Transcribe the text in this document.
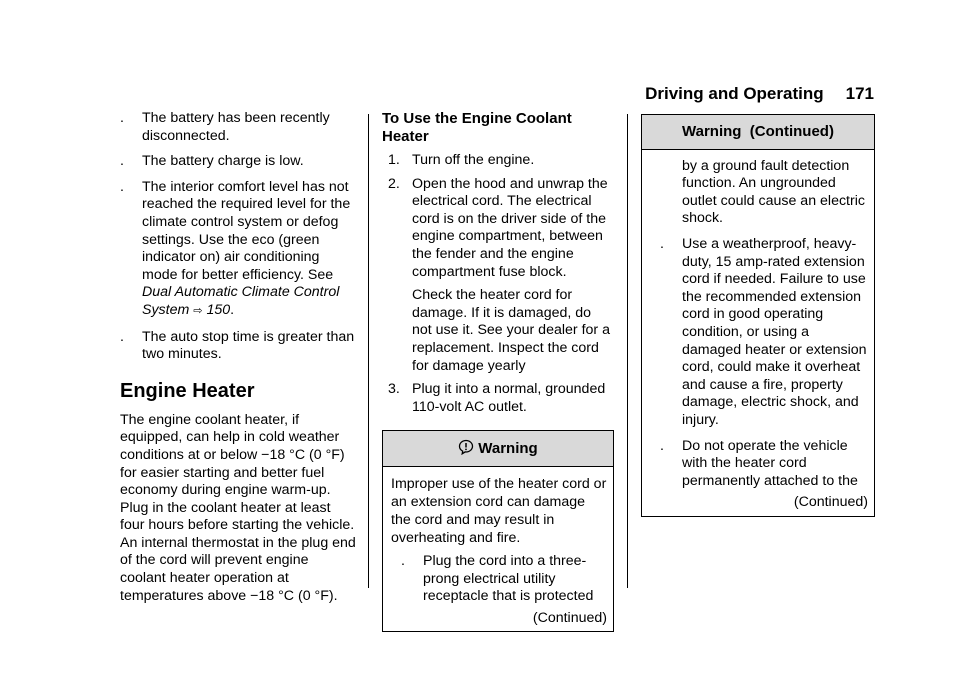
Driving and Operating 171
.	The battery has been recently disconnected.
.	The battery charge is low.
.	The interior comfort level has not reached the required level for the climate control system or defog settings. Use the eco (green indicator on) air conditioning mode for better efficiency. See Dual Automatic Climate Control System ⇨ 150.
.	The auto stop time is greater than two minutes.
Engine Heater
The engine coolant heater, if equipped, can help in cold weather conditions at or below −18 °C (0 °F) for easier starting and better fuel economy during engine warm-up. Plug in the coolant heater at least four hours before starting the vehicle. An internal thermostat in the plug end of the cord will prevent engine coolant heater operation at temperatures above −18 °C (0 °F).
To Use the Engine Coolant Heater
1. Turn off the engine.
2. Open the hood and unwrap the electrical cord. The electrical cord is on the driver side of the engine compartment, between the fender and the engine compartment fuse block.
Check the heater cord for damage. If it is damaged, do not use it. See your dealer for a replacement. Inspect the cord for damage yearly
3. Plug it into a normal, grounded 110-volt AC outlet.
Warning
Improper use of the heater cord or an extension cord can damage the cord and may result in overheating and fire.
.	Plug the cord into a three-prong electrical utility receptacle that is protected
(Continued)
Warning  (Continued)
by a ground fault detection function. An ungrounded outlet could cause an electric shock.
.	Use a weatherproof, heavy-duty, 15 amp-rated extension cord if needed. Failure to use the recommended extension cord in good operating condition, or using a damaged heater or extension cord, could make it overheat and cause a fire, property damage, electric shock, and injury.
.	Do not operate the vehicle with the heater cord permanently attached to the
(Continued)
